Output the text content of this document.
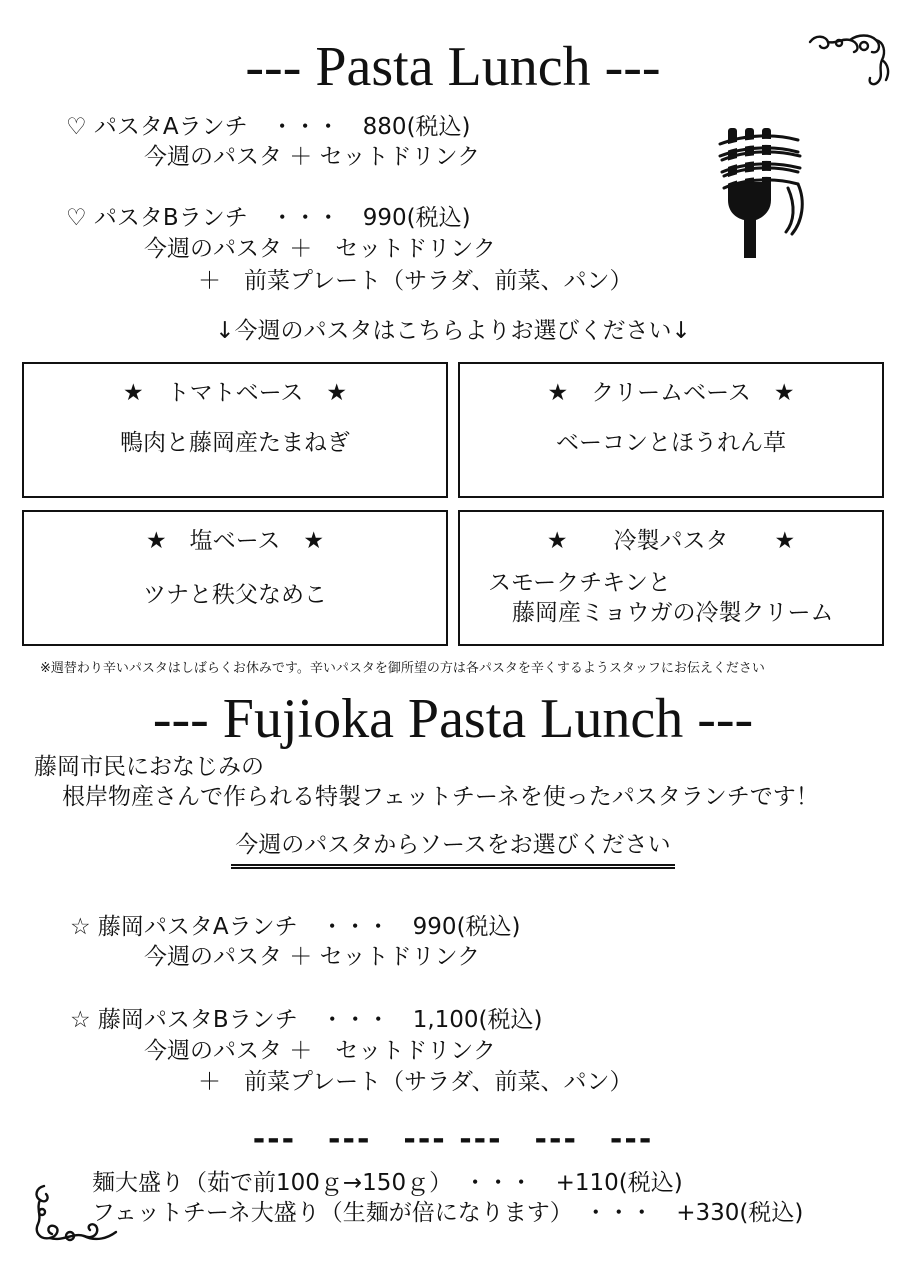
--- Pasta Lunch ---
♡ パスタAランチ　・・・　880(税込)
今週のパスタ ＋ セットドリンク
♡ パスタBランチ　・・・　990(税込)
今週のパスタ ＋　セットドリンク
＋　前菜プレート（サラダ、前菜、パン）
↓今週のパスタはこちらよりお選びください↓
★　トマトベース　★
鴨肉と藤岡産たまねぎ
★　クリームベース　★
ベーコンとほうれん草
★　塩ベース　★
ツナと秩父なめこ
★　　冷製パスタ　　★
スモークチキンと
藤岡産ミョウガの冷製クリーム
※週替わり辛いパスタはしばらくお休みです。辛いパスタを御所望の方は各パスタを辛くするようスタッフにお伝えください
--- Fujioka Pasta Lunch ---
藤岡市民におなじみの
根岸物産さんで作られる特製フェットチーネを使ったパスタランチです！
今週のパスタからソースをお選びください
☆ 藤岡パスタAランチ　・・・　990(税込)
今週のパスタ ＋ セットドリンク
☆ 藤岡パスタBランチ　・・・　1,100(税込)
今週のパスタ ＋　セットドリンク
＋　前菜プレート（サラダ、前菜、パン）
---　---　--- ---　---　---
麺大盛り（茹で前100ｇ→150ｇ）　・・・　+110(税込)
フェットチーネ大盛り（生麺が倍になります）　・・・　+330(税込)
